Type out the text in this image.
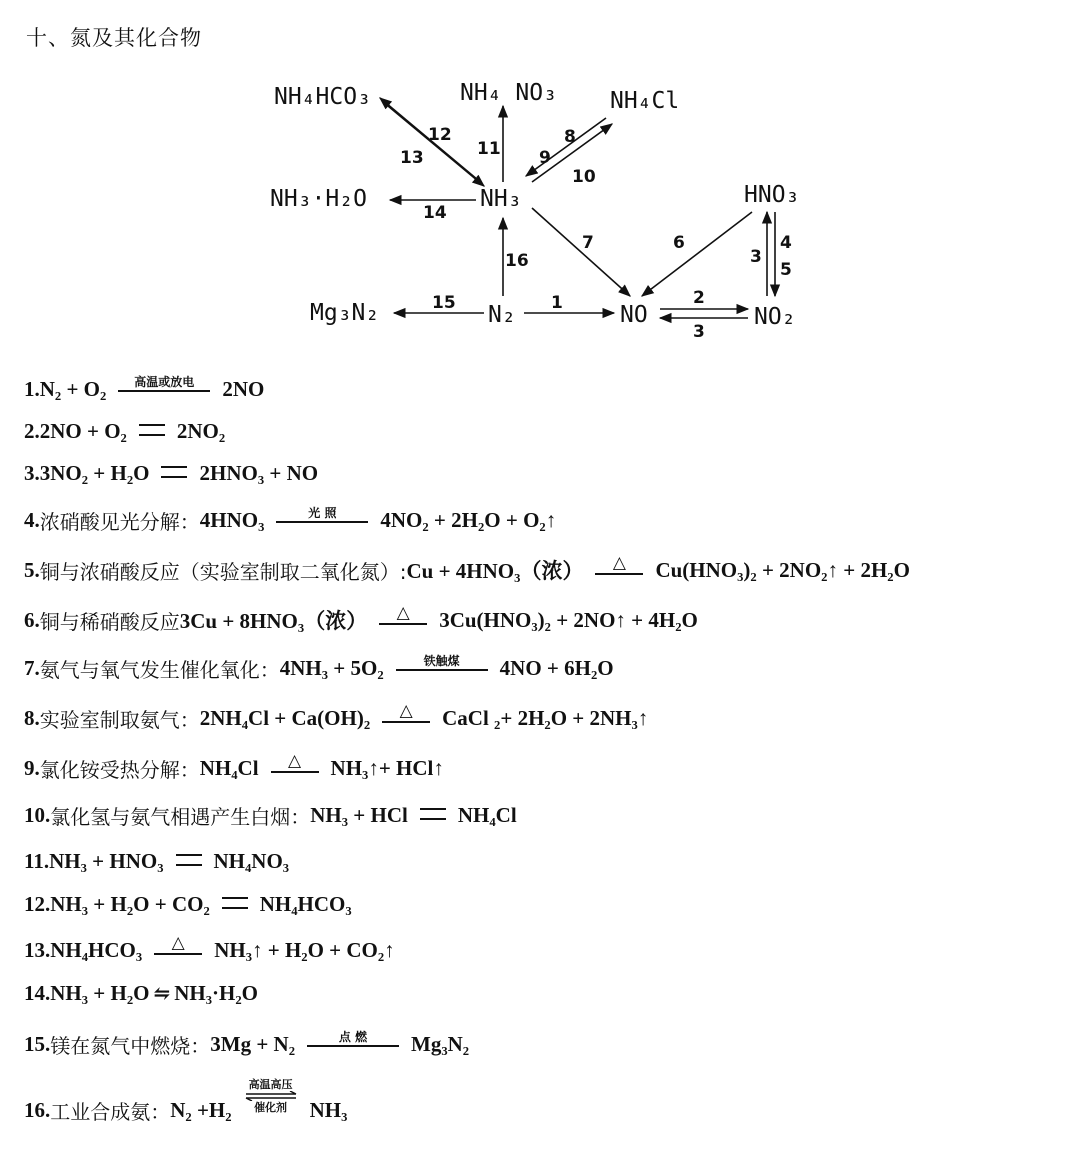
十、氮及其化合物
NH₄HCO₃	NH₄ NO₃ NH₄Cl
NH₃·H₂O	NH₃	HNO₃
Mg₃N₂	N₂	NO	NO₂
12
13	11
8
9
10
14
7	6
16	3
4
5
15	1	2
3
1. N₂ + O₂ 高温或放电 2NO
2. 2NO + O₂ 2NO₂
3. 3NO₂ + H₂O 2HNO₃ + NO
4. 浓硝酸见光分解： 4HNO₃	光 照 4NO₂ + 2H₂O + O₂↑
5. 铜与浓硝酸反应（实验室制取二氧化氮）: Cu + 4HNO₃（浓） △ Cu(HNO₃)₂ + 2NO₂↑ + 2H₂O
6. 铜与稀硝酸反应 3Cu + 8HNO₃（浓） △ 3Cu(HNO₃)₂ + 2NO↑ + 4H₂O
7. 氨气与氧气发生催化氧化： 4NH₃ + 5O₂	铁触煤 4NO + 6H₂O
8. 实验室制取氨气： 2NH₄Cl + Ca(OH)₂ △ CaCl ₂+ 2H₂O + 2NH₃↑
9. 氯化铵受热分解： NH₄Cl △ NH₃↑+ HCl↑
10. 氯化氢与氨气相遇产生白烟： NH₃ + HCl NH₄Cl
11. NH₃ + HNO₃ NH₄NO₃
12. NH₃ + H₂O + CO₂ NH₄HCO₃
13. NH₄HCO₃ △ NH₃↑ + H₂O + CO₂↑
14. NH₃ + H₂O ⇋ NH₃·H₂O
15. 镁在氮气中燃烧： 3Mg + N₂	点 燃 Mg₃N₂
16. 工业合成氨： N₂ +H₂
高温高压
催化剂 NH₃
